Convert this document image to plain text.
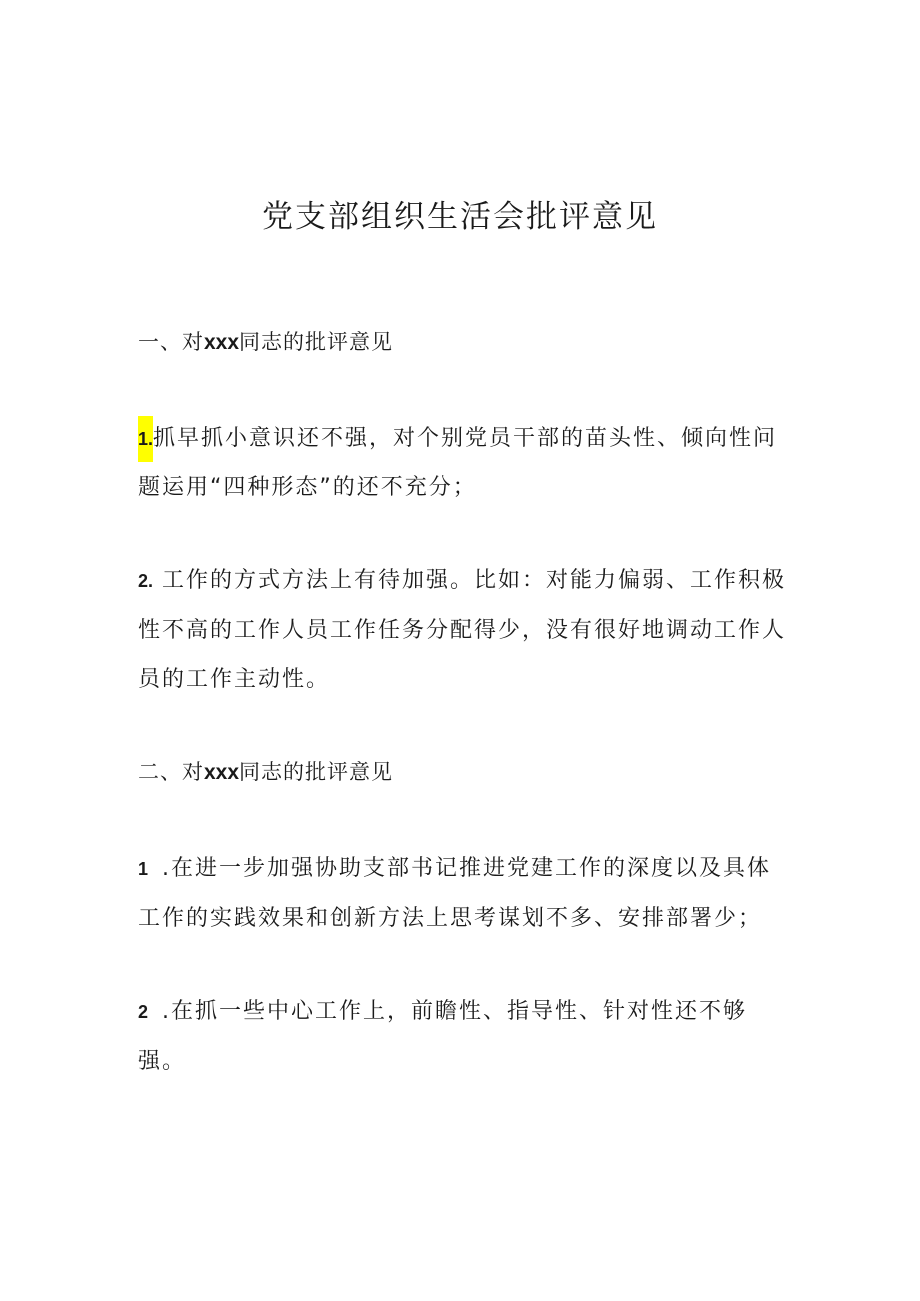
党支部组织生活会批评意见
一、对xxx同志的批评意见

1.抓早抓小意识还不强，对个别党员干部的苗头性、倾向性问题运用“四种形态”的还不充分；

2. 工作的方式方法上有待加强。比如：对能力偏弱、工作积极性不高的工作人员工作任务分配得少，没有很好地调动工作人员的工作主动性。

二、对xxx同志的批评意见

1 .在进一步加强协助支部书记推进党建工作的深度以及具体工作的实践效果和创新方法上思考谋划不多、安排部署少；

2 .在抓一些中心工作上，前瞻性、指导性、针对性还不够强。
